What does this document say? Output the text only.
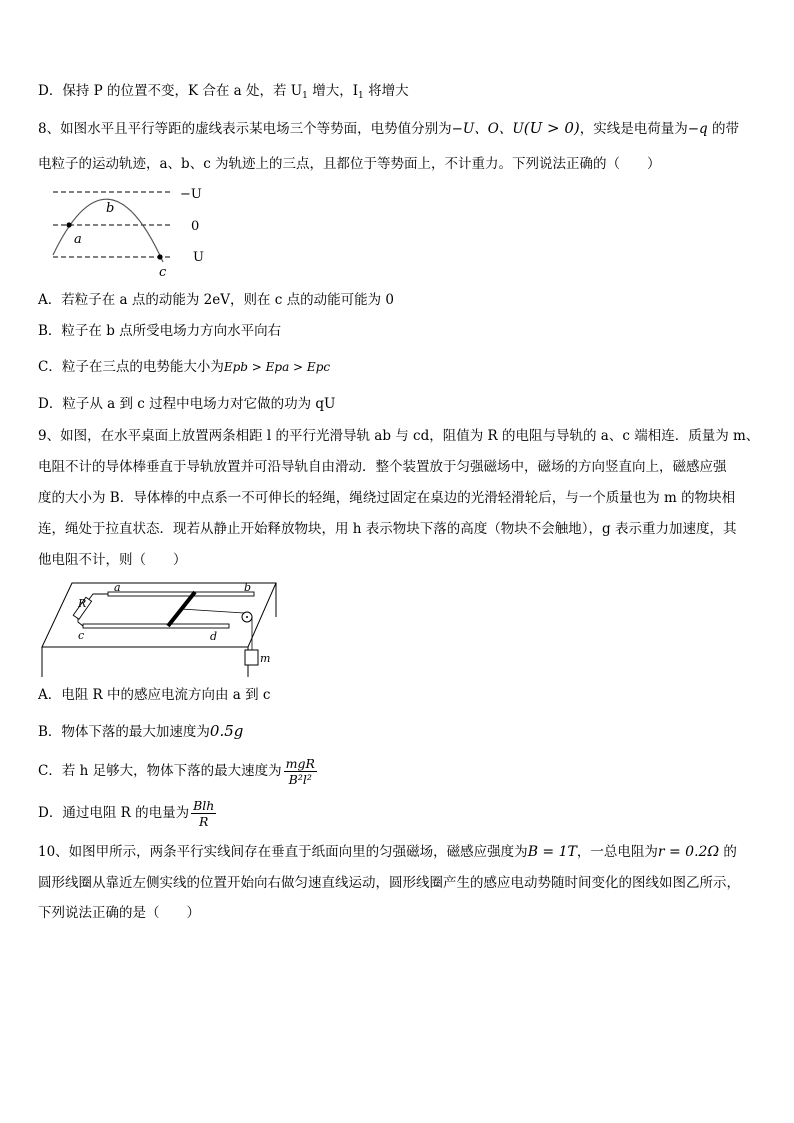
D．保持 P 的位置不变，K 合在 a 处，若 $U_1$ 增大，$I_1$ 将增大
8、如图水平且平行等距的虚线表示某电场三个等势面，电势值分别为−U、O、U(U > 0)，实线是电荷量为−q 的带
电粒子的运动轨迹，a、b、c 为轨迹上的三点，且都位于等势面上，不计重力。下列说法正确的（　　）
b
a
c
−U
0
U
A．若粒子在 a 点的动能为 2eV，则在 c 点的动能可能为 0
B．粒子在 b 点所受电场力方向水平向右
C．粒子在三点的电势能大小为Epb > Epa > Epc
D．粒子从 a 到 c 过程中电场力对它做的功为 qU
9、如图，在水平桌面上放置两条相距 l 的平行光滑导轨 ab 与 cd，阻值为 R 的电阻与导轨的 a、c 端相连．质量为 m、
电阻不计的导体棒垂直于导轨放置并可沿导轨自由滑动．整个装置放于匀强磁场中，磁场的方向竖直向上，磁感应强
度的大小为 B．导体棒的中点系一不可伸长的轻绳，绳绕过固定在桌边的光滑轻滑轮后，与一个质量也为 m 的物块相
连，绳处于拉直状态．现若从静止开始释放物块，用 h 表示物块下落的高度（物块不会触地），g 表示重力加速度，其
他电阻不计，则（　　）
a	b
c	d
R
m
A．电阻 R 中的感应电流方向由 a 到 c
B．物体下落的最大加速度为0.5g
C．若 h 足够大，物体下落的最大速度为 $\frac{\text{mgR}}{\text{B²l²}}$
D．通过电阻 R 的电量为 $\frac{\text{Blh}}{R}$
10、如图甲所示，两条平行实线间存在垂直于纸面向里的匀强磁场，磁感应强度为B = 1T，一总电阻为r = 0.2Ω 的
圆形线圈从靠近左侧实线的位置开始向右做匀速直线运动，圆形线圈产生的感应电动势随时间变化的图线如图乙所示，
下列说法正确的是（　　）
